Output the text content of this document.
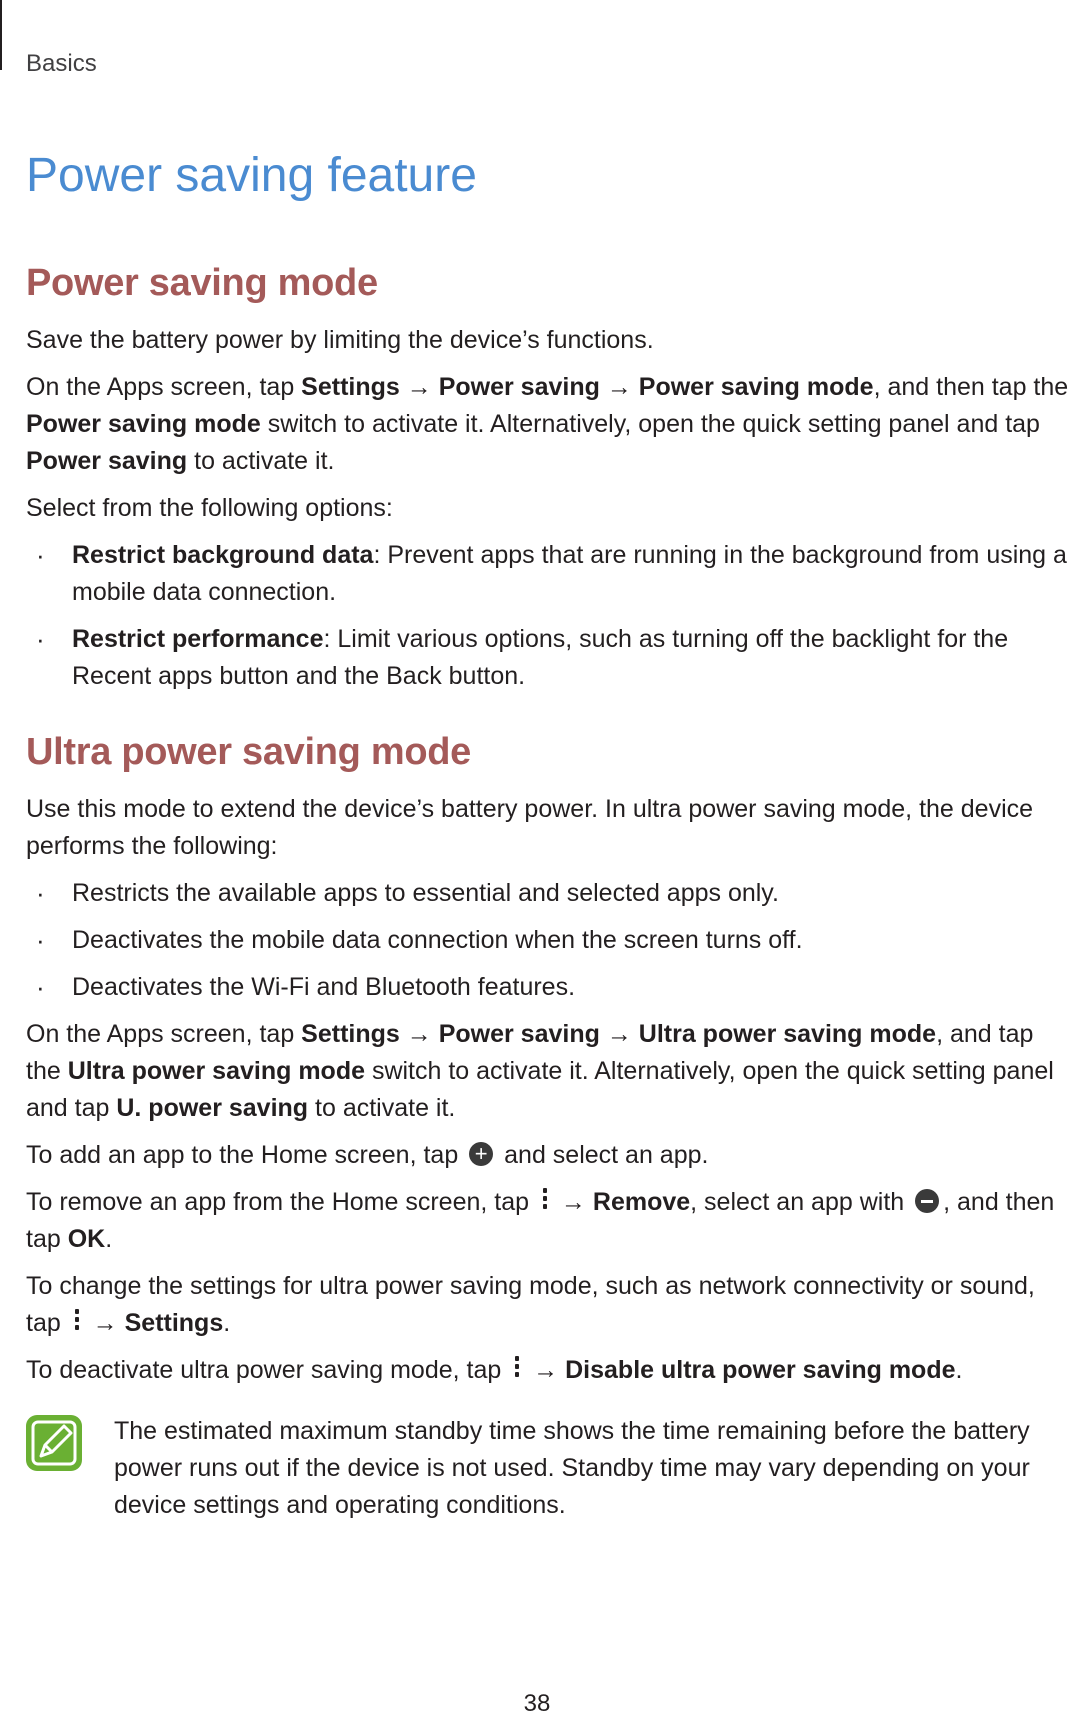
Basics
Power saving feature
Power saving mode

Save the battery power by limiting the device’s functions.

On the Apps screen, tap Settings → Power saving → Power saving mode, and then tap the Power saving mode switch to activate it. Alternatively, open the quick setting panel and tap Power saving to activate it.

Select from the following options:

· Restrict background data: Prevent apps that are running in the background from using a mobile data connection.
· Restrict performance: Limit various options, such as turning off the backlight for the Recent apps button and the Back button.
Ultra power saving mode

Use this mode to extend the device’s battery power. In ultra power saving mode, the device performs the following:

· Restricts the available apps to essential and selected apps only.
· Deactivates the mobile data connection when the screen turns off.
· Deactivates the Wi-Fi and Bluetooth features.

On the Apps screen, tap Settings → Power saving → Ultra power saving mode, and tap the Ultra power saving mode switch to activate it. Alternatively, open the quick setting panel and tap U. power saving to activate it.

To add an app to the Home screen, tap + and select an app.

To remove an app from the Home screen, tap
→ Remove, select an app with
, and then tap OK.

To change the settings for ultra power saving mode, such as network connectivity or sound, tap
→ Settings.

To deactivate ultra power saving mode, tap
→ Disable ultra power saving mode.

The estimated maximum standby time shows the time remaining before the battery power runs out if the device is not used. Standby time may vary depending on your device settings and operating conditions.
38
